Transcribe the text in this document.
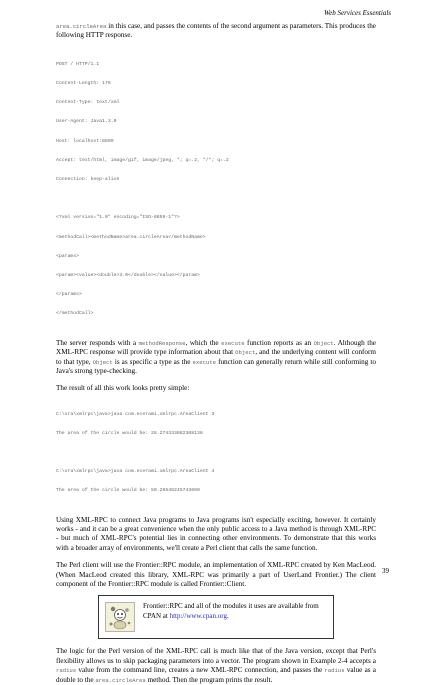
Web Services Essentials

area.circleArea in this case, and passes the contents of the second argument as parameters. This produces the following HTTP response.

POST / HTTP/1.1

Content-Length: 175

Content-Type: text/xml

User-Agent: Java1.3.0

Host: localhost:8899

Accept: text/html, image/gif, image/jpeg, *; q=.2, */*; q=.2

Connection: keep-alive

<?xml version="1.0" encoding="ISO-8859-1"?>

<methodCall><methodName>area.circleArea</methodName>

<params>

<param><value><double>3.0</double></value></param>

</params>

</methodCall>

The server responds with a methodResponse, which the execute function reports as an Object. Although the XML-RPC response will provide type information about that Object, and the underlying content will conform to that type, Object is as specific a type as the execute function can generally return while still conforming to Java's strong type-checking.

The result of all this work looks pretty simple:

C:\ora\xmlrpc\java>java com.ecerami.xmlrpc.AreaClient 3

The area of the circle would be: 28.274333882308138

C:\ora\xmlrpc\java>java com.ecerami.xmlrpc.AreaClient 4

The area of the circle would be: 50.26548245743669

Using XML-RPC to connect Java programs to Java programs isn't especially exciting, however. It certainly works - and it can be a great convenience when the only public access to a Java method is through XML-RPC - but much of XML-RPC's potential lies in connecting other environments. To demonstrate that this works with a broader array of environments, we'll create a Perl client that calls the same function.

The Perl client will use the Frontier::RPC module, an implementation of XML-RPC created by Ken MacLeod. (When MacLeod created this library, XML-RPC was primarily a part of UserLand Frontier.) The client component of the Frontier::RPC module is called Frontier::Client.

Frontier::RPC and all of the modules it uses are available from CPAN at http://www.cpan.org.

The logic for the Perl version of the XML-RPC call is much like that of the Java version, except that Perl's flexibility allows us to skip packaging parameters into a vector. The program shown in Example 2-4 accepts a radius value from the command line, creates a new XML-RPC connection, and passes the radius value as a double to the area.circleArea method. Then the program prints the result.

39
